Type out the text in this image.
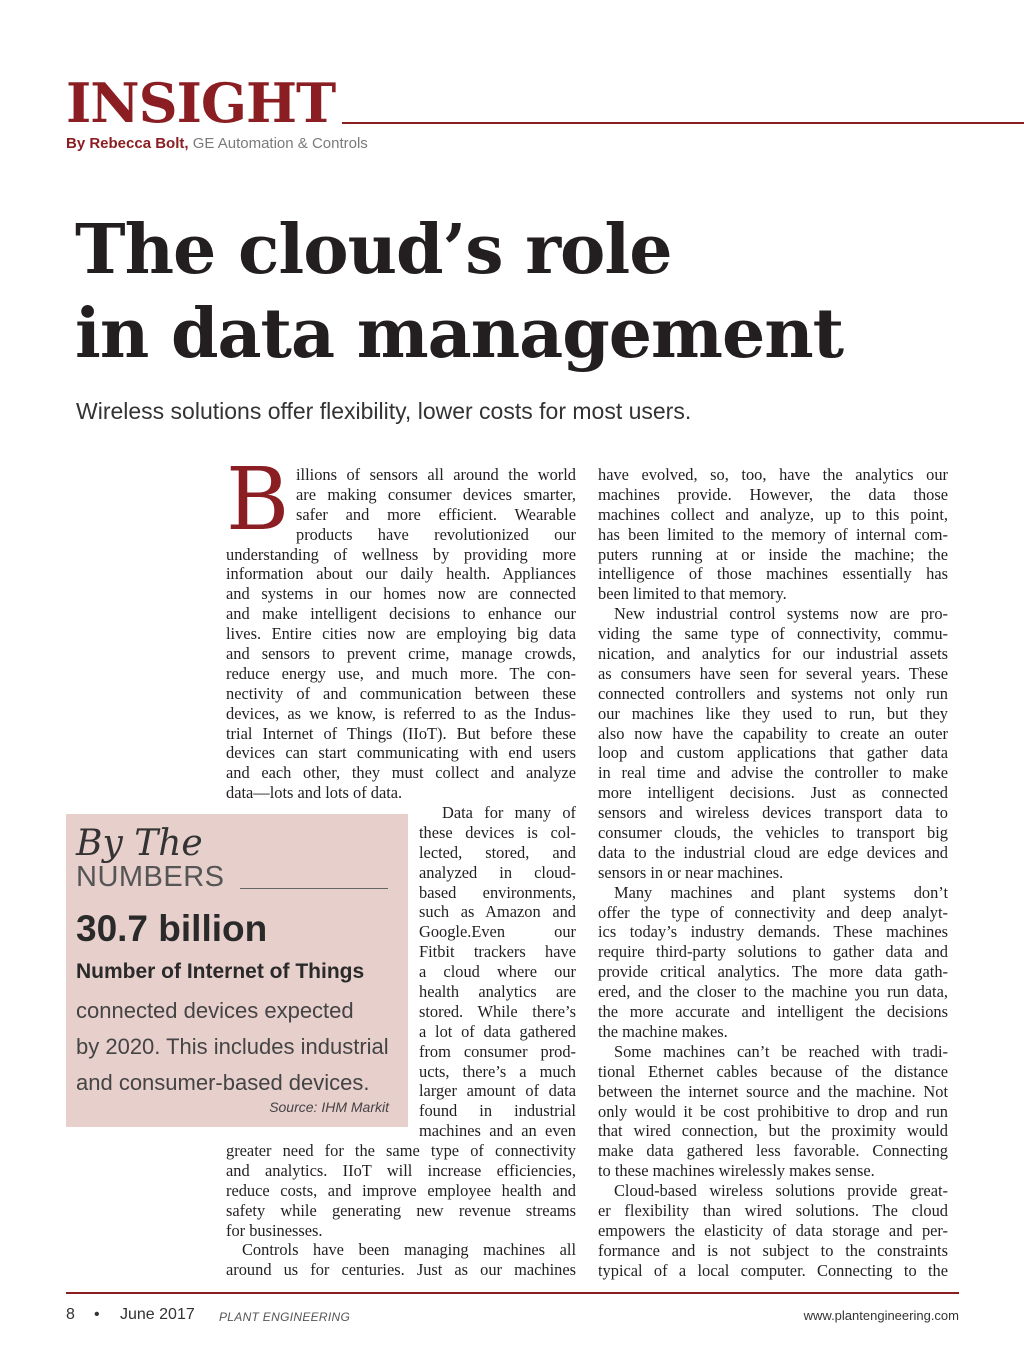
INSIGHT
By Rebecca Bolt, GE Automation & Controls
The cloud’s role
in data management
Wireless solutions offer flexibility, lower costs for most users.
B illions of sensors all around the world
are making consumer devices smarter,
safer and more efficient. Wearable
products have revolutionized our
understanding of wellness by providing more
information about our daily health. Appliances
and systems in our homes now are connected
and make intelligent decisions to enhance our
lives. Entire cities now are employing big data
and sensors to prevent crime, manage crowds,
reduce energy use, and much more. The con-
nectivity of and communication between these
devices, as we know, is referred to as the Indus-
trial Internet of Things (IIoT). But before these
devices can start communicating with end users
and each other, they must collect and analyze
data—lots and lots of data.
Data for many of
these devices is col-
lected, stored, and
analyzed in cloud-
based environments,
such as Amazon and
Google.Even our
Fitbit trackers have
a cloud where our
health analytics are
stored. While there’s
a lot of data gathered
from consumer prod-
ucts, there’s a much
larger amount of data
found in industrial
machines and an even
greater need for the same type of connectivity
and analytics. IIoT will increase efficiencies,
reduce costs, and improve employee health and
safety while generating new revenue streams
for businesses.
Controls have been managing machines all
around us for centuries. Just as our machines
have evolved, so, too, have the analytics our
machines provide. However, the data those
machines collect and analyze, up to this point,
has been limited to the memory of internal com-
puters running at or inside the machine; the
intelligence of those machines essentially has
been limited to that memory.
New industrial control systems now are pro-
viding the same type of connectivity, commu-
nication, and analytics for our industrial assets
as consumers have seen for several years. These
connected controllers and systems not only run
our machines like they used to run, but they
also now have the capability to create an outer
loop and custom applications that gather data
in real time and advise the controller to make
more intelligent decisions. Just as connected
sensors and wireless devices transport data to
consumer clouds, the vehicles to transport big
data to the industrial cloud are edge devices and
sensors in or near machines.
Many machines and plant systems don’t
offer the type of connectivity and deep analyt-
ics today’s industry demands. These machines
require third-party solutions to gather data and
provide critical analytics. The more data gath-
ered, and the closer to the machine you run data,
the more accurate and intelligent the decisions
the machine makes.
Some machines can’t be reached with tradi-
tional Ethernet cables because of the distance
between the internet source and the machine. Not
only would it be cost prohibitive to drop and run
that wired connection, but the proximity would
make data gathered less favorable. Connecting
to these machines wirelessly makes sense.
Cloud-based wireless solutions provide great-
er flexibility than wired solutions. The cloud
empowers the elasticity of data storage and per-
formance and is not subject to the constraints
typical of a local computer. Connecting to the
By The
NUMBERS
30.7 billion
Number of Internet of Things
connected devices expected
by 2020. This includes industrial
and consumer-based devices.
Source: IHM Markit
8 • June 2017 PLANT ENGINEERING	www.plantengineering.com
